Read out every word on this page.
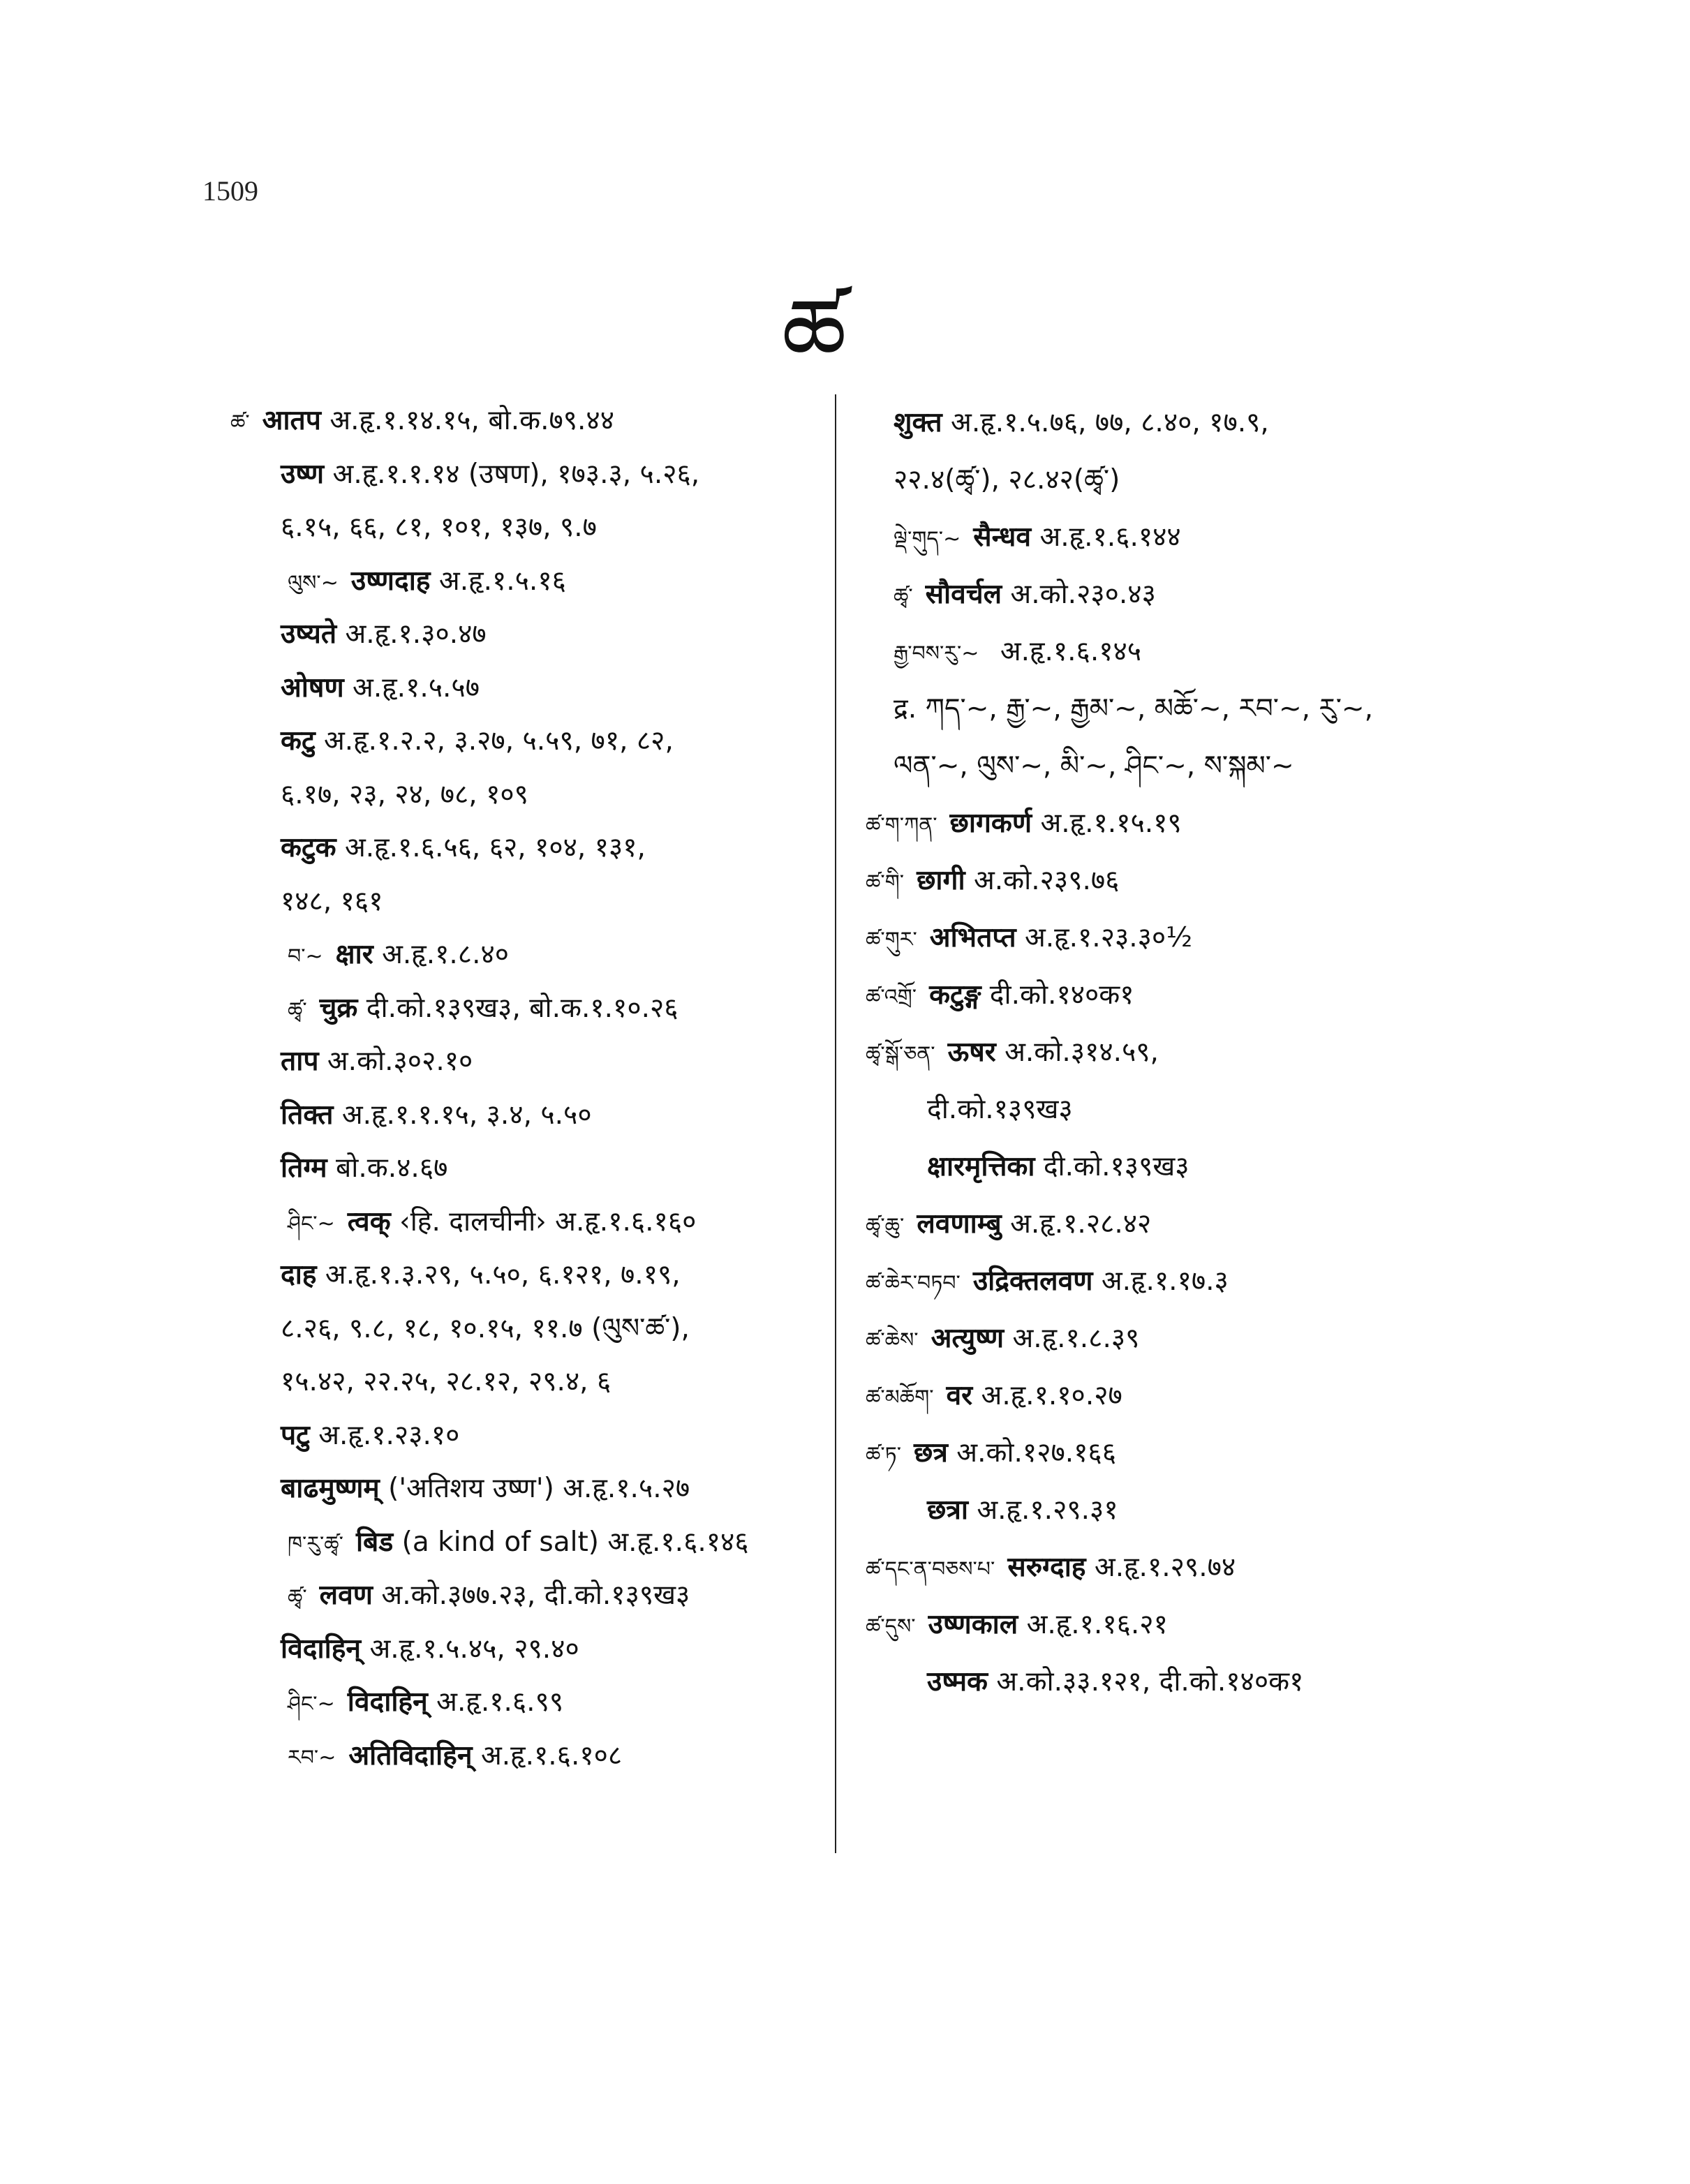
1509
ཚ
ཚ་ आतप अ.हृ.१.१४.१५, बो.क.७९.४४
उष्ण अ.हृ.१.१.१४ (उषण), १७३.३, ५.२६,
६.१५, ६६, ८१, १०१, १३७, ९.७
ལུས་~ उष्णदाह अ.हृ.१.५.१६
उष्यते अ.हृ.१.३०.४७
ओषण अ.हृ.१.५.५७
कटु अ.हृ.१.२.२, ३.२७, ५.५९, ७१, ८२,
६.१७, २३, २४, ७८, १०९
कटुक अ.हृ.१.६.५६, ६२, १०४, १३१,
१४८, १६१
བ་~ क्षार अ.हृ.१.८.४०
ཚྭ་ चुक्र दी.को.१३९ख३, बो.क.१.१०.२६
ताप अ.को.३०२.१०
तिक्त अ.हृ.१.१.१५, ३.४, ५.५०
तिग्म बो.क.४.६७
ཤིང་~ त्वक् ‹हि. दालचीनी› अ.हृ.१.६.१६०
दाह अ.हृ.१.३.२९, ५.५०, ६.१२१, ७.१९,
८.२६, ९.८, १८, १०.१५, ११.७ (ལུས་ཚ་),
१५.४२, २२.२५, २८.१२, २९.४, ६
पटु अ.हृ.१.२३.१०
बाढमुष्णम् ('अतिशय उष्ण') अ.हृ.१.५.२७
ཁ་རུ་ཚྭ་ बिड (a kind of salt) अ.हृ.१.६.१४६
ཚྭ་ लवण अ.को.३७७.२३, दी.को.१३९ख३
विदाहिन् अ.हृ.१.५.४५, २९.४०
ཤིང་~ विदाहिन् अ.हृ.१.६.९९
རབ་~ अतिविदाहिन् अ.हृ.१.६.१०८
शुक्त अ.हृ.१.५.७६, ७७, ८.४०, १७.९,
२२.४(ཚྭ་), २८.४२(ཚྭ་)
ལྡེ་གུད་~ सैन्धव अ.हृ.१.६.१४४
ཚྭ་ सौवर्चल अ.को.२३०.४३
རྒྱ་བས་རུ་~ अ.हृ.१.६.१४५
द्र. ཀད་~, རྒྱ་~, རྒྱམ་~, མཆོ་~, རབ་~, རུ་~,
ལན་~, ལུས་~, མི་~, ཤིང་~, ས་སྐམ་~
ཚ་ག་ཀན་ छागकर्ण अ.हृ.१.१५.१९
ཚ་གི་ छागी अ.को.२३९.७६
ཚ་གུར་ अभितप्त अ.हृ.१.२३.३०½
ཚ་འགྲོ་ कटुङ्ग दी.को.१४०क१
ཚྭ་སྒོ་ཅན་ ऊषर अ.को.३१४.५९,
दी.को.१३९ख३
क्षारमृत्तिका दी.को.१३९ख३
ཚྭ་ཆུ་ लवणाम्बु अ.हृ.१.२८.४२
ཚ་ཆེར་བཏབ་ उद्रिक्तलवण अ.हृ.१.१७.३
ཚ་ཆེས་ अत्युष्ण अ.हृ.१.८.३९
ཚ་མཆོག་ वर अ.हृ.१.१०.२७
ཚ་ཏ་ छत्र अ.को.१२७.१६६
छत्रा अ.हृ.१.२९.३१
ཚ་དང་ན་བཅས་པ་ सरुग्दाह अ.हृ.१.२९.७४
ཚ་དུས་ उष्णकाल अ.हृ.१.१६.२१
उष्मक अ.को.३३.१२१, दी.को.१४०क१
